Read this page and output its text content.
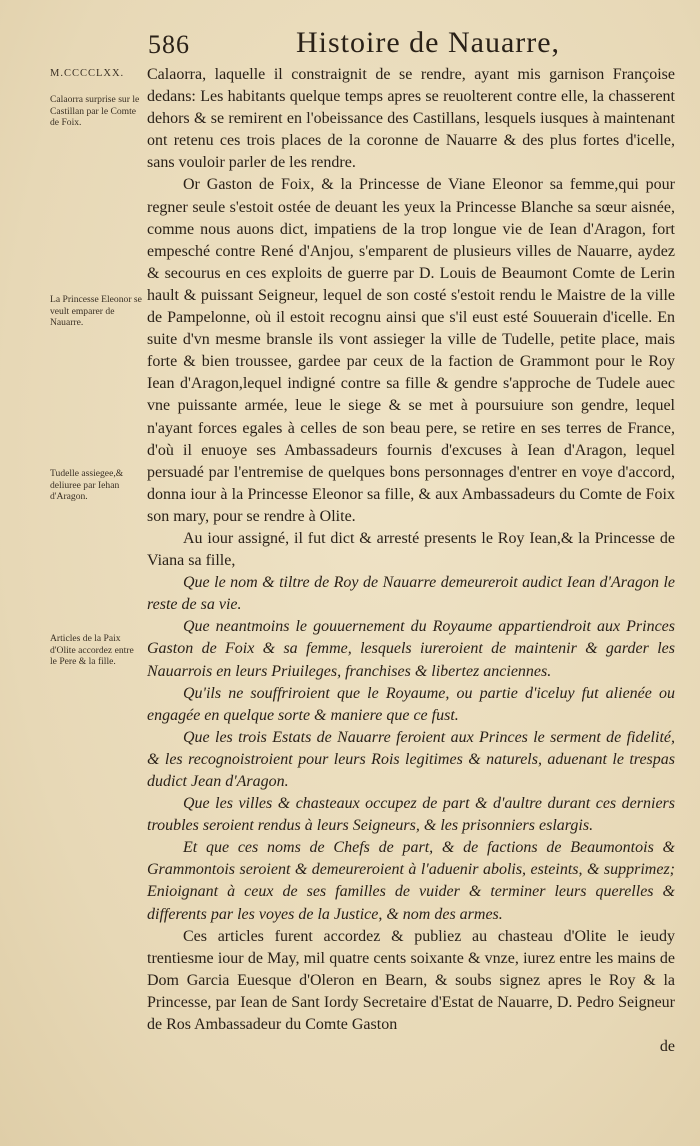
586	Histoire de Nauarre,
M.CCCCLXX.
Calaorra surprise sur le Castillan par le Comte de Foix.
La Princesse Eleonor se veult emparer de Nauarre.
Tudelle assiegee,& deliuree par Iehan d'Aragon.
Articles de la Paix d'Olite accordez entre le Pere & la fille.

Calaorra, laquelle il constraignit de se rendre, ayant mis garnison Françoise dedans: Les habitants quelque temps apres se reuolterent contre elle, la chasserent dehors & se remirent en l'obeissance des Castillans, lesquels iusques à maintenant ont retenu ces trois places de la coronne de Nauarre & des plus fortes d'icelle, sans vouloir parler de les rendre.

Or Gaston de Foix, & la Princesse de Viane Eleonor sa femme,qui pour regner seule s'estoit ostée de deuant les yeux la Princesse Blanche sa sœur aisnée, comme nous auons dict, impatiens de la trop longue vie de Iean d'Aragon, fort empesché contre René d'Anjou, s'emparent de plusieurs villes de Nauarre, aydez & secourus en ces exploits de guerre par D. Louis de Beaumont Comte de Lerin hault & puissant Seigneur, lequel de son costé s'estoit rendu le Maistre de la ville de Pampelonne, où il estoit recognu ainsi que s'il eust esté Souuerain d'icelle. En suite d'vn mesme bransle ils vont assieger la ville de Tudelle, petite place, mais forte & bien troussee, gardee par ceux de la faction de Grammont pour le Roy Iean d'Aragon,lequel indigné contre sa fille & gendre s'approche de Tudele auec vne puissante armée, leue le siege & se met à poursuiure son gendre, lequel n'ayant forces egales à celles de son beau pere, se retire en ses terres de France, d'où il enuoye ses Ambassadeurs fournis d'excuses à Iean d'Aragon, lequel persuadé par l'entremise de quelques bons personnages d'entrer en voye d'accord, donna iour à la Princesse Eleonor sa fille, & aux Ambassadeurs du Comte de Foix son mary, pour se rendre à Olite.

Au iour assigné, il fut dict & arresté presents le Roy Iean,& la Princesse de Viana sa fille,

Que le nom & tiltre de Roy de Nauarre demeureroit audict Iean d'Aragon le reste de sa vie.

Que neantmoins le gouuernement du Royaume appartiendroit aux Princes Gaston de Foix & sa femme, lesquels iureroient de maintenir & garder les Nauarrois en leurs Priuileges, franchises & libertez anciennes.

Qu'ils ne souffriroient que le Royaume, ou partie d'iceluy fut alienée ou engagée en quelque sorte & maniere que ce fust.

Que les trois Estats de Nauarre feroient aux Princes le serment de fidelité, & les recognoistroient pour leurs Rois legitimes & naturels, aduenant le trespas dudict Jean d'Aragon.

Que les villes & chasteaux occupez de part & d'aultre durant ces derniers troubles seroient rendus à leurs Seigneurs, & les prisonniers eslargis.

Et que ces noms de Chefs de part, & de factions de Beaumontois & Grammontois seroient & demeureroient à l'aduenir abolis, esteints, & supprimez; Enioignant à ceux de ses familles de vuider & terminer leurs querelles & differents par les voyes de la Justice, & nom des armes.

Ces articles furent accordez & publiez au chasteau d'Olite le ieudy trentiesme iour de May, mil quatre cents soixante & vnze, iurez entre les mains de Dom Garcia Euesque d'Oleron en Bearn, & soubs signez apres le Roy & la Princesse, par Iean de Sant Iordy Secretaire d'Estat de Nauarre, D. Pedro Seigneur de Ros Ambassadeur du Comte Gaston

de
